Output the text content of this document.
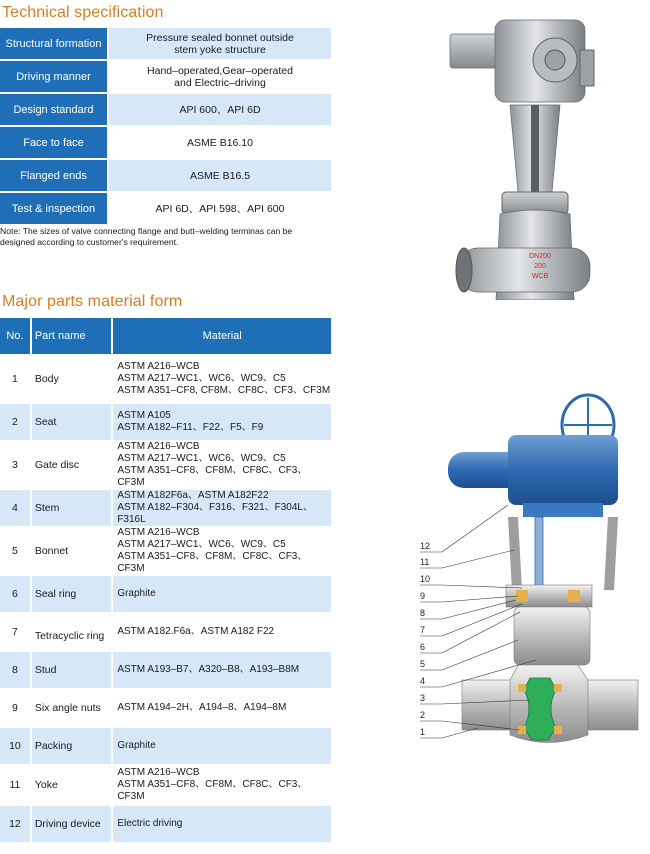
Technical specification
Structural formation	Pressure sealed bonnet outside
stem yoke structure
Driving manner	Hand–operated,Gear–operated
and Electric–driving
Design standard	API 600、API 6D
Face to face	ASME B16.10
Flanged ends	ASME B16.5
Test & inspection	API 6D、API 598、API 600
Note: The sizes of valve connecting flange and butt–welding terminas can be
designed according to customer's requirement.
Major parts material form
No.	Part name	Material
1	Body
ASTM A216–WCB
ASTM A217–WC1、WC6、WC9、C5
ASTM A351–CF8, CF8M、CF8C、CF3、CF3M
2	Seat
ASTM A105
ASTM A182–F11、F22、F5、F9
3	Gate disc
ASTM A216–WCB
ASTM A217–WC1、WC6、WC9、C5
ASTM A351–CF8、CF8M、CF8C、CF3、CF3M
4	Stem
ASTM A182F6a、ASTM A182F22
ASTM A182–F304、F316、F321、F304L、F316L
5	Bonnet
ASTM A216–WCB
ASTM A217–WC1、WC6、WC9、C5
ASTM A351–CF8、CF8M、CF8C、CF3、CF3M
6	Seal ring	Graphite
7	Tetracyclic ring	ASTM A182.F6a、ASTM A182 F22
8	Stud	ASTM A193–B7、A320–B8、A193–B8M
9	Six angle nuts	ASTM A194–2H、A194–8、A194–8M
10	Packing	Graphite
11	Yoke
ASTM A216–WCB
ASTM A351–CF8、CF8M、CF8C、CF3、CF3M
12	Driving device	Electric driving
DN200
200
WCB
12
11
10
9
8
7
6
5
4
3
2
1
